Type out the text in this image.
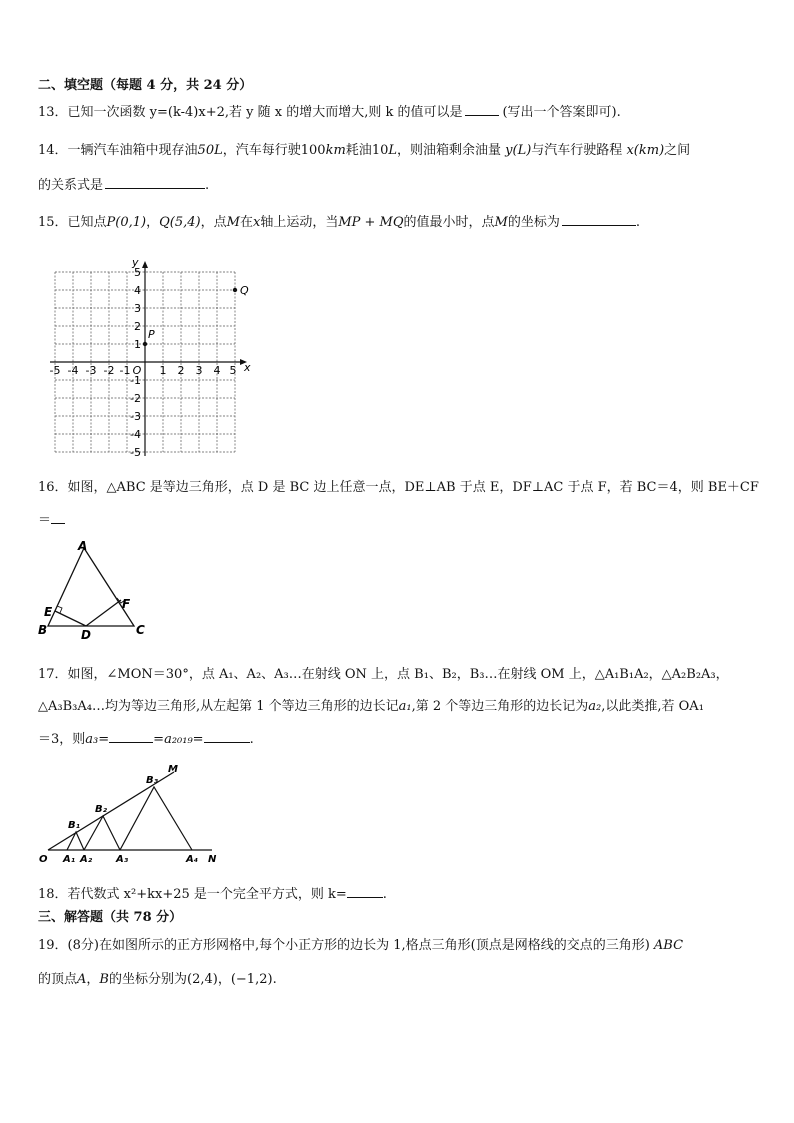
二、填空题（每题 4 分，共 24 分）
13．已知一次函数 y=(k-4)x+2,若 y 随 x 的增大而增大,则 k 的值可以是	(写出一个答案即可).
14．一辆汽车油箱中现存油50L，汽车每行驶100km耗油10L，则油箱剩余油量 y(L)与汽车行驶路程 x(km)之间
的关系式是	.
15．已知点P(0,1)，Q(5,4)，点M在x轴上运动，当MP + MQ的值最小时，点M的坐标为	.
-5 -4 -3 -2 -1	1 2 3 4 5
O	x
5
4
3
2
1
-1
-2
-3
-4
-5
y
P
Q
16．如图，△ABC 是等边三角形，点 D 是 BC 边上任意一点，DE⊥AB 于点 E，DF⊥AC 于点 F，若 BC＝4，则 BE＋CF
＝
A
B	C
D
E
F
17．如图，∠MON＝30°，点 A₁、A₂、A₃…在射线 ON 上，点 B₁、B₂，B₃…在射线 OM 上，△A₁B₁A₂，△A₂B₂A₃，
△A₃B₃A₄…均为等边三角形,从左起第 1 个等边三角形的边长记a₁,第 2 个等边三角形的边长记为a₂,以此类推,若 OA₁
＝3，则a₃=	=a₂₀₁₉=	.
O	N
M
A₁ A₂ A₃	A₄
B₁
B₂
B₃
18．若代数式 x²+kx+25 是一个完全平方式，则 k=	.
三、解答题（共 78 分）
19．(8分)在如图所示的正方形网格中,每个小正方形的边长为 1,格点三角形(顶点是网格线的交点的三角形) ABC
的顶点A，B的坐标分别为(2,4)，(−1,2).
